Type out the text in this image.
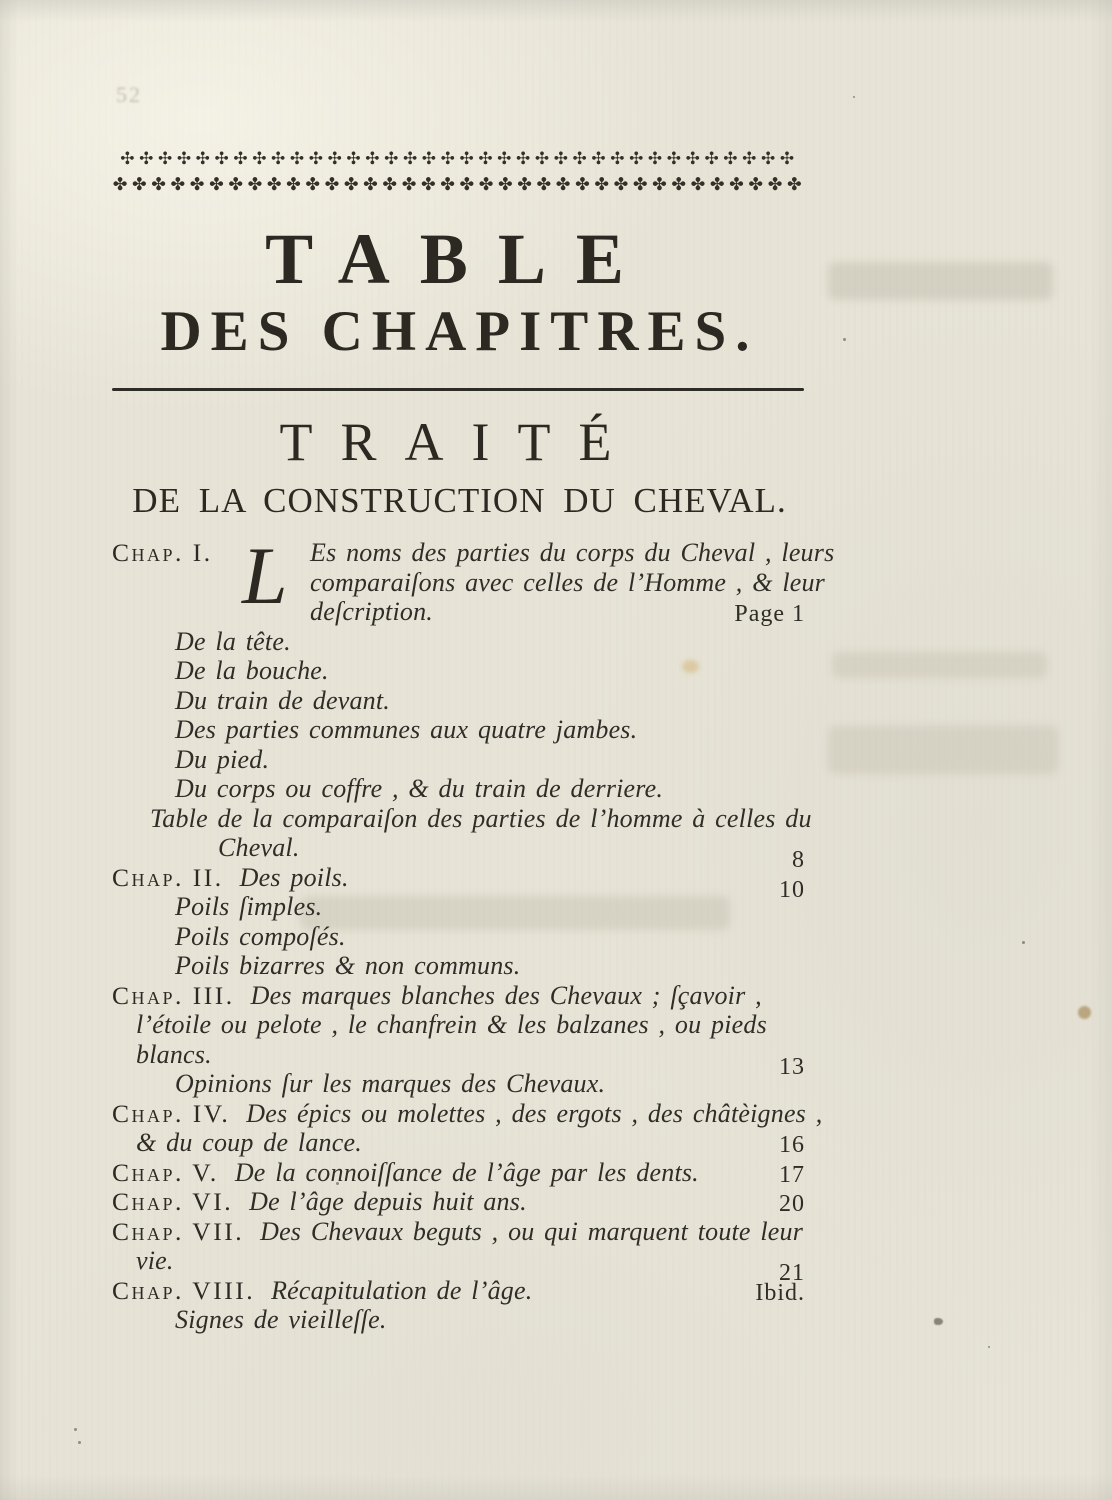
52
✣✣✣✣✣✣✣✣✣✣✣✣✣✣✣✣✣✣✣✣✣✣✣✣✣✣✣✣✣✣✣✣✣✣✣✣
✤✤✤✤✤✤✤✤✤✤✤✤✤✤✤✤✤✤✤✤✤✤✤✤✤✤✤✤✤✤✤✤✤✤✤✤
TABLE
DES CHAPITRES.
TRAITÉ
DE LA CONSTRUCTION DU CHEVAL.
L
Chap. I.	Es noms des parties du corps du Cheval , leurs
comparaiſons avec celles de l’Homme , & leur
deſcription.	Page 1
De la tête.
De la bouche.
Du train de devant.
Des parties communes aux quatre jambes.
Du pied.
Du corps ou coffre , & du train de derriere.
Table de la comparaiſon des parties de l’homme à celles du
Cheval.	8
Chap. II. Des poils.	10
Poils ſimples.
Poils compoſés.
Poils bizarres & non communs.
Chap. III. Des marques blanches des Chevaux ; ſçavoir ,
l’étoile ou pelote , le chanfrein & les balzanes , ou pieds
blancs.	13
Opinions ſur les marques des Chevaux.
Chap. IV. Des épics ou molettes , des ergots , des châtèignes ,
& du coup de lance.	16
Chap. V. De la connoiſſance de l’âge par les dents.	17
Chap. VI. De l’âge depuis huit ans.	20
Chap. VII. Des Chevaux beguts , ou qui marquent toute leur
vie.	21
Chap. VIII. Récapitulation de l’âge.	Ibid.
Signes de vieilleſſe.
